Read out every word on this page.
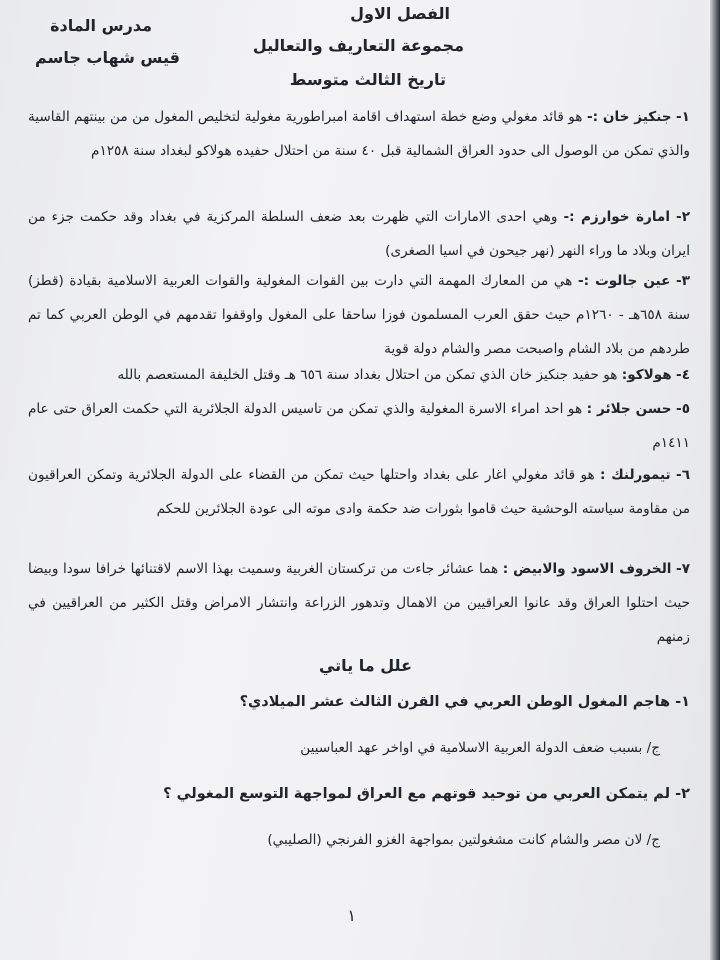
مدرس المادة
قيس شهاب جاسم
الفصل الاول
مجموعة التعاريف والتعاليل
تاريخ الثالث متوسط
١- جنكيز خان :- هو قائد مغولي وضع خطة استهداف اقامة امبراطورية مغولية لتخليص المغول من من بينتهم القاسية والذي تمكن من الوصول الى حدود العراق الشمالية قبل ٤٠ سنة من احتلال حفيده هولاكو لبغداد سنة ١٢٥٨م
٢- امارة خوارزم :- وهي احدى الامارات التي ظهرت بعد ضعف السلطة المركزية في بغداد وقد حكمت جزء من ايران وبلاد ما وراء النهر (نهر جيحون في اسيا الصغرى)
٣- عين جالوت :- هي من المعارك المهمة التي دارت بين القوات المغولية والقوات العربية الاسلامية بقيادة (قطز) سنة ٦٥٨هـ - ١٢٦٠م حيث حقق العرب المسلمون فوزا ساحقا على المغول واوقفوا تقدمهم في الوطن العربي كما تم طردهم من بلاد الشام واصبحت مصر والشام دولة قوية
٤- هولاكو: هو حفيد جنكيز خان الذي تمكن من احتلال بغداد سنة ٦٥٦ هـ وقتل الخليفة المستعصم بالله
٥- حسن جلائر : هو احد امراء الاسرة المغولية والذي تمكن من تاسيس الدولة الجلائرية التي حكمت العراق حتى عام ١٤١١م
٦- تيمورلنك : هو قائد مغولي اغار على بغداد واحتلها حيث تمكن من القضاء على الدولة الجلائرية وتمكن العراقيون من مقاومة سياسته الوحشية حيث قاموا بثورات ضد حكمة وادى موته الى عودة الجلائرين للحكم
٧- الخروف الاسود والابيض : هما عشائر جاءت من تركستان الغربية وسميت بهذا الاسم لاقتنائها خرافا سودا وبيضا حيث احتلوا العراق وقد عانوا العراقيين من الاهمال وتدهور الزراعة وانتشار الامراض وقتل الكثير من العراقيين في زمنهم
علل ما ياتي
١- هاجم المغول الوطن العربي في القرن الثالث عشر الميلادي؟
ج/ بسبب ضعف الدولة العربية الاسلامية في اواخر عهد العباسيين
٢- لم يتمكن العربي من توحيد قوتهم مع العراق لمواجهة التوسع المغولي ؟
ج/ لان مصر والشام كانت مشغولتين بمواجهة الغزو الفرنجي (الصليبي)
١
